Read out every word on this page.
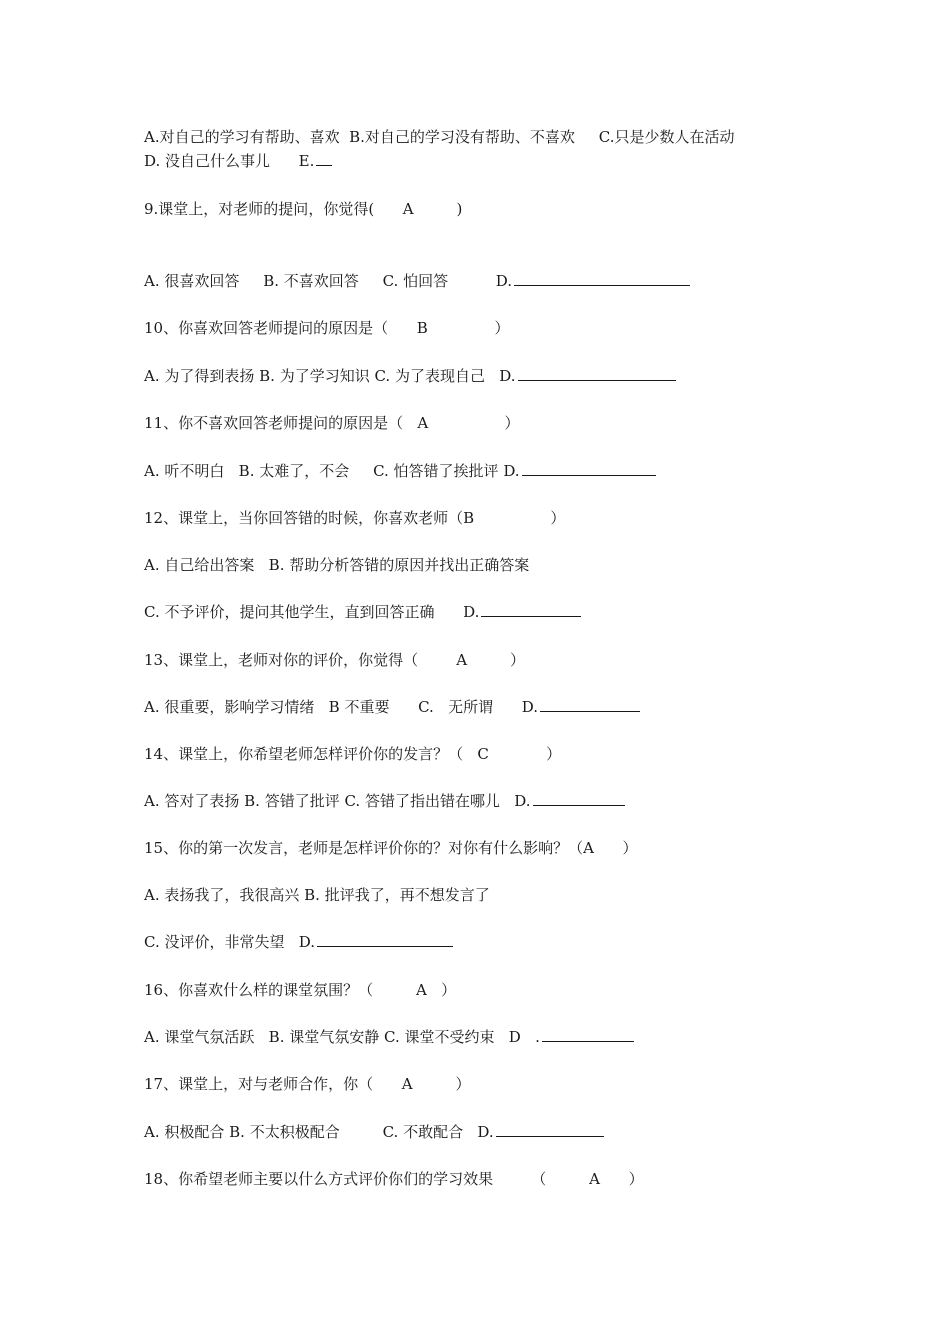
A.对自己的学习有帮助、喜欢  B.对自己的学习没有帮助、不喜欢     C.只是少数人在活动
D. 没自己什么事儿      E.
9.课堂上，对老师的提问，你觉得(      A         )
A. 很喜欢回答     B. 不喜欢回答     C. 怕回答          D.
10、你喜欢回答老师提问的原因是（      B              ）
A. 为了得到表扬 B. 为了学习知识 C. 为了表现自己   D.
11、你不喜欢回答老师提问的原因是（   A                ）
A. 听不明白   B. 太难了，不会     C. 怕答错了挨批评 D.
12、课堂上，当你回答错的时候，你喜欢老师（B                ）
A. 自己给出答案   B. 帮助分析答错的原因并找出正确答案
C. 不予评价，提问其他学生，直到回答正确      D.
13、课堂上，老师对你的评价，你觉得（        A         ）
A. 很重要，影响学习情绪   B 不重要      C.   无所谓      D.
14、课堂上，你希望老师怎样评价你的发言？（   C            ）
A. 答对了表扬 B. 答错了批评 C. 答错了指出错在哪儿   D.
15、你的第一次发言，老师是怎样评价你的？对你有什么影响？（A      ）
A. 表扬我了，我很高兴 B. 批评我了，再不想发言了
C. 没评价，非常失望   D.
16、你喜欢什么样的课堂氛围？（         A   ）
A. 课堂气氛活跃   B. 课堂气氛安静 C. 课堂不受约束   D   .
17、课堂上，对与老师合作，你（      A         ）
A. 积极配合 B. 不太积极配合         C. 不敢配合   D.
18、你希望老师主要以什么方式评价你们的学习效果        （         A      ）
